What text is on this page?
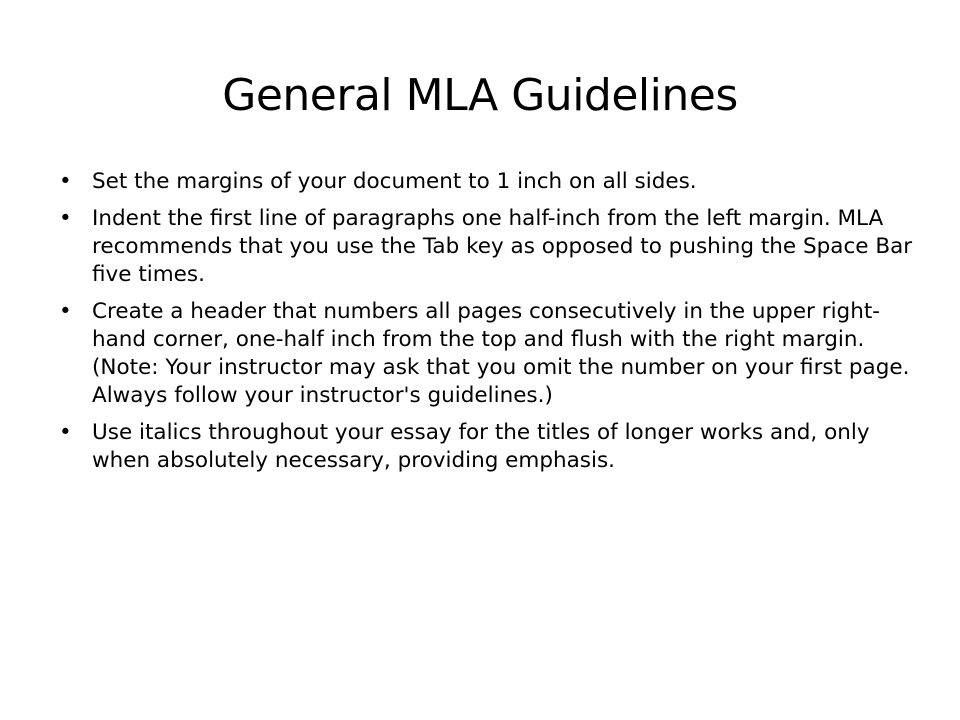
General MLA Guidelines
• Set the margins of your document to 1 inch on all sides.
• Indent the first line of paragraphs one half-inch from the left margin. MLA recommends that you use the Tab key as opposed to pushing the Space Bar five times.
• Create a header that numbers all pages consecutively in the upper right-hand corner, one-half inch from the top and flush with the right margin. (Note: Your instructor may ask that you omit the number on your first page. Always follow your instructor's guidelines.)
• Use italics throughout your essay for the titles of longer works and, only when absolutely necessary, providing emphasis.
